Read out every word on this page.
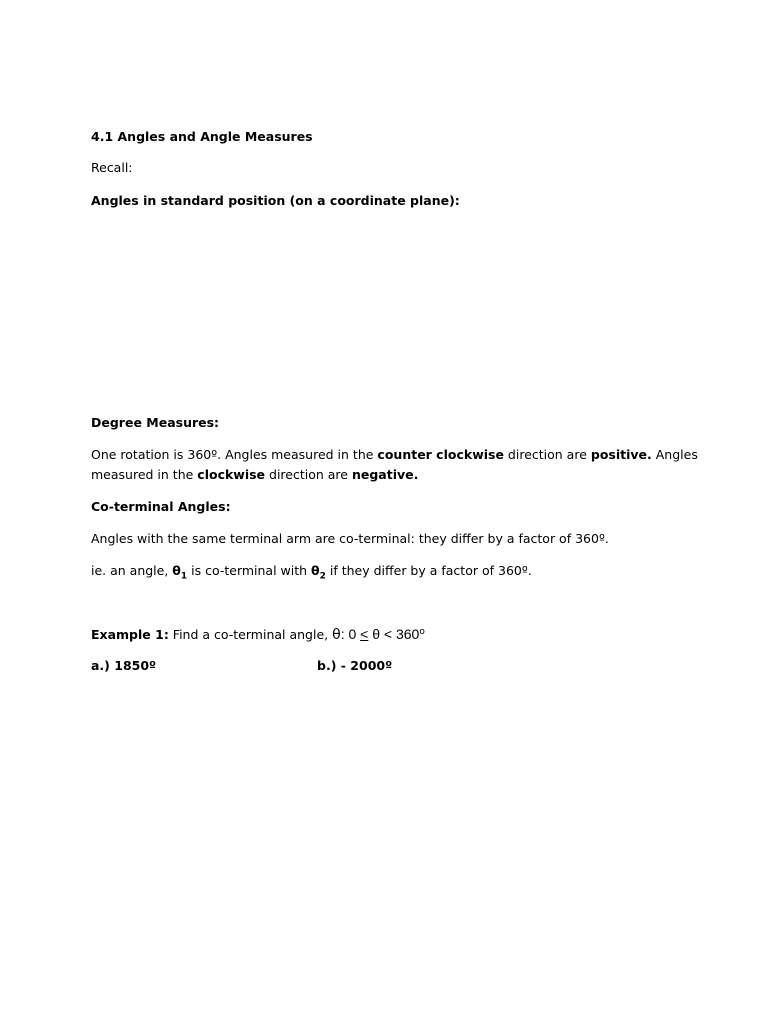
4.1 Angles and Angle Measures
Recall:
Angles in standard position (on a coordinate plane):
Degree Measures:
One rotation is 360º. Angles measured in the counter clockwise direction are positive. Angles
measured in the clockwise direction are negative.
Co-terminal Angles:
Angles with the same terminal arm are co-terminal: they differ by a factor of 360º.
ie. an angle, $\theta_1$ is co-terminal with $\theta_2$ if they differ by a factor of 360º.
Example 1: Find a co-terminal angle, θ: $0 \le \theta < 360^o$
a.) 1850º	b.) - 2000º
